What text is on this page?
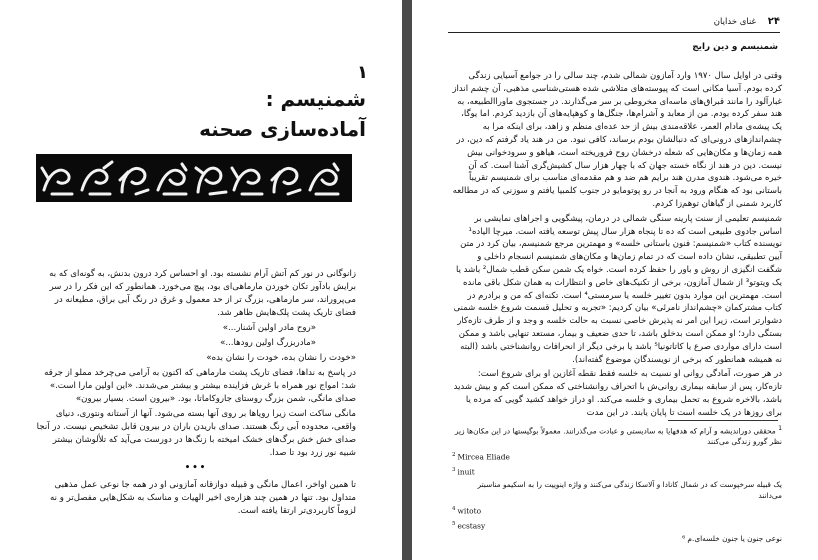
۱
شمنیسم :
آماده‌سازی صحنه

زانوگانی در نور کم آتش آرام نشسته بود. او احساس کرد درون بدنش، به گونه‌ای که به برایش باد‌آور تکان خوردن مارماهی‌ای بود، پیچ می‌خورد. همانطور که این فکر را در سر می‌پروراند، سر مارماهی، بزرگ تر از حد معمول و غرق در رنگ آبی براق، مطیعانه در فضای تاریک پشت پلک‌هایش ظاهر شد.

«روح مادر اولین آشنار...»

«مادربزرگ اولین رودها...»

«خودت را نشان بده، خودت را نشان بده»

در پاسخ به ندا‌ها، فضای تاریک پشت مارماهی که اکنون به آرامی می‌چرخد مملو از جرقه شد: امواج نور همراه با غرش فزاینده بیشتر و بیشتر می‌شدند. «این اولین مارا است.» صدای مانگی، شمن بزرگ روستای جاروکاماتا، بود. «بیرون است. بسیار بیرون»

مانگی ساکت است زیرا رویاها بر روی آنها بسته می‌شود. آنها از آستانه ونتوری، دنیای واقعی، محدوده آبی رنگ هستند. صدای باریدن باران در بیرون قابل تشخیص نیست. در آنجا صدای خش خش برگ‌های خشک امیخته با زنگ‌ها در دورست می‌آید که تلألوشان بیشتر شبیه نور زرد بود تا صدا.

•••

تا همین اواخر، اعمال مانگی و قبیله دوازقانه آمازونی او در همه جا نوعی عمل مذهبی متداول بود. تنها در همین چند هزاره‌ی اخیر الهیات و مناسک به شکل‌هایی مفصل‌تر و نه لزوماً کاربردی‌تر ارتقا یافته است.

۲۴
غنای خدایان
شمنیسم و دین رایج

وقتی در اوایل سال ۱۹۷۰ وارد آمازون شمالی شدم، چند سالی را در جوامع آسیایی زندگی کرده بودم. آسیا مکانی است که پیوسته‌های متلاشی شده هستی‌شناسی مذهبی، آن چشم انداز غبارآلود را مانند قبراق‌های ماسه‌ای مخروطی بر سر می‌گذارند. در جستجوی ماوراالطبیعه، به هند سفر کرده بودم. من از معابد و آشرام‌ها، جنگل‌ها و کوهپایه‌های آن بازدید کردم. اما یوگا، یک پیشه‌ی مادام العمر، علاقه‌مندی بیش از حد عده‌ای منظم و زاهد، برای اینکه مرا به چشم‌اندازهای درونی‌ای که دنبالشان بودم برساند، کافی نبود. من در هند یاد گرفتم که دین، در همه زمان‌ها و مکان‌هایی که شعله درخشان روح فروریخته است، هیاهو و سرودخوانی بیش نیست. دین در هند از نگاه خسته جهان که با چهار هزار سال کشیش‌گری آشنا است. که آن خیره می‌شود. هندوی مدرن هند برایم هم ضد و هم مقدمه‌ای مناسب برای شمنیسم تقریباً باستانی بود که هنگام ورود به آنجا در رو پوتومایو در جنوب کلمبیا یافتم و سوزنی که در مطالعه کاربرد شمنی از گیاهان توهم‌زا کردم.

شمنیسم تعلیمی از سنت پارینه سنگی شمالی در درمان، پیشگویی و اجراهای نمایشی بر اساس جادوی طبیعی است که ده تا پنجاه هزار سال پیش توسعه یافته است. میرچا الیاده¹ نویسنده کتاب «شمنیسم: فنون باستانی خلسه» و مهمترین مرجع شمنیسم، بیان کرد در متن آیین تطبیقی، نشان داده است که در تمام زمان‌ها و مکان‌های شمنیسم انسجام داخلی و شگفت انگیزی از روش و باور را حفظ کرده است. خواه یک شمن سکن قطب شمال² باشد یا یک ویتوتو³ از شمال آمازون، برخی از تکنیک‌های خاص و انتظارات به همان شکل باقی مانده است. مهمترین این موارد بدون تغییر خلسه یا سرمستی⁴ است. تکنه‌ای که من و برادرم در کتاب مشترکمان «چشم‌انداز نامرئی» بیان کردیم: «تجربه و تحلیل قسمت شروع خلسه شمنی دشوارتر است، زیرا این امر نه پذیرش خاصی نسبت به حالت خلسه و وجد و از طرف تازه‌کار بستگی دارد؛ او ممکن است بدخلق باشد، تا حدی ضعیف و بیمار، مستعد تنهایی باشد و ممکن است دارای مواردی صرع یا کاتاتونیا⁵ باشد یا برخی دیگر از انحرافات روانشناختی باشد (البته نه همیشه همانطور که برخی از نویسندگان موضوع گفته‌اند).

در هر صورت، آمادگی روانی او نسبت به خلسه فقط نقطه آغازین او برای شروع است: تازه‌کار، پس از سابقه بیماری روانی‌ش با اتحراف روانشناختی که ممکن است کم و بیش شدید باشد، بالاخره شروع به تحمل بیماری و خلسه می‌کند. او دراز خواهد کشید گویی که مرده یا برای روزها در یک خلسه است تا پایان یابند. در این مدت

$^1$ محققی دوراندیشه و آرام که هدفهایا به سادیستی و عبادت می‌گذرانند. معمولاً بوگیستها در این مکان‌ها زیر نظر گورو زندگی می‌کنند

$^2$ Mircea Eliade

$^3$ inuit

یک قبیله سرخپوست که در شمال کانادا و آلاسکا زندگی می‌کنند و واژه اینوییت را به اسکیمو مناسبتر می‌دانند

$^4$ witoto

$^5$ ecstasy

نوعی جنون یا جنون خلسه‌ای.م ⁶
